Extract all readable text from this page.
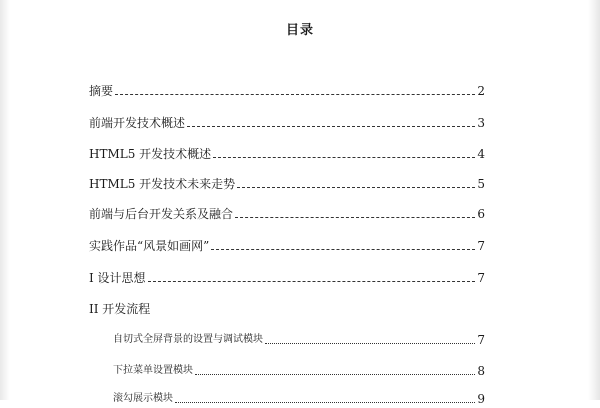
目录
摘要	2
前端开发技术概述	3
HTML5 开发技术概述	4
HTML5 开发技术未来走势	5
前端与后台开发关系及融合	6
实践作品“风景如画网”	7
I 设计思想	7
II 开发流程
自切式全屏背景的设置与调试模块	7
下拉菜单设置模块	8
滚勾展示模块	9
